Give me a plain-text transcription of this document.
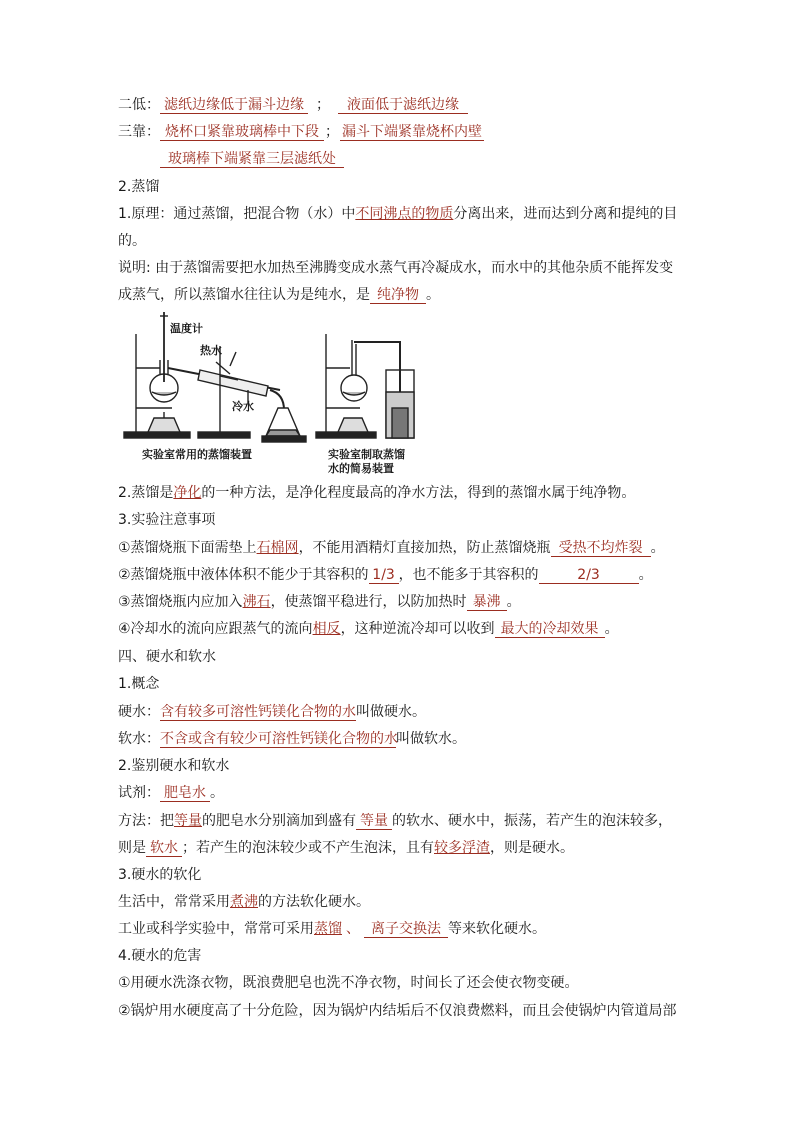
二低： 滤纸边缘低于漏斗边缘 ； 液面低于滤纸边缘
三靠： 烧杯口紧靠玻璃棒中下段 ； 漏斗下端紧靠烧杯内壁
玻璃棒下端紧靠三层滤纸处
2.蒸馏
1.原理：通过蒸馏，把混合物（水）中不同沸点的物质分离出来，进而达到分离和提纯的目
的。
说明: 由于蒸馏需要把水加热至沸腾变成水蒸气再冷凝成水，而水中的其他杂质不能挥发变
成蒸气，所以蒸馏水往往认为是纯水，是 纯净物 。
温度计
热水
冷水
实验室常用的蒸馏装置	实验室制取蒸馏
水的简易装置
2.蒸馏是净化的一种方法，是净化程度最高的净水方法，得到的蒸馏水属于纯净物。
3.实验注意事项
①蒸馏烧瓶下面需垫上石棉网，不能用酒精灯直接加热，防止蒸馏烧瓶 受热不均炸裂 。
②蒸馏烧瓶中液体体积不能少于其容积的 1/3 ，也不能多于其容积的	2/3	。
③蒸馏烧瓶内应加入沸石，使蒸馏平稳进行，以防加热时 暴沸 。
④冷却水的流向应跟蒸气的流向相反，这种逆流冷却可以收到 最大的冷却效果 。
四、硬水和软水
1.概念
硬水：含有较多可溶性钙镁化合物的水叫做硬水。
软水：不含或含有较少可溶性钙镁化合物的水叫做软水。
2.鉴别硬水和软水
试剂： 肥皂水 。
方法：把等量的肥皂水分别滴加到盛有 等量 的软水、硬水中，振荡，若产生的泡沫较多，
则是 软水 ；若产生的泡沫较少或不产生泡沫，且有较多浮渣，则是硬水。
3.硬水的软化
生活中，常常采用煮沸的方法软化硬水。
工业或科学实验中，常常可采用蒸馏 、 离子交换法 等来软化硬水。
4.硬水的危害
①用硬水洗涤衣物，既浪费肥皂也洗不净衣物，时间长了还会使衣物变硬。
②锅炉用水硬度高了十分危险，因为锅炉内结垢后不仅浪费燃料，而且会使锅炉内管道局部
